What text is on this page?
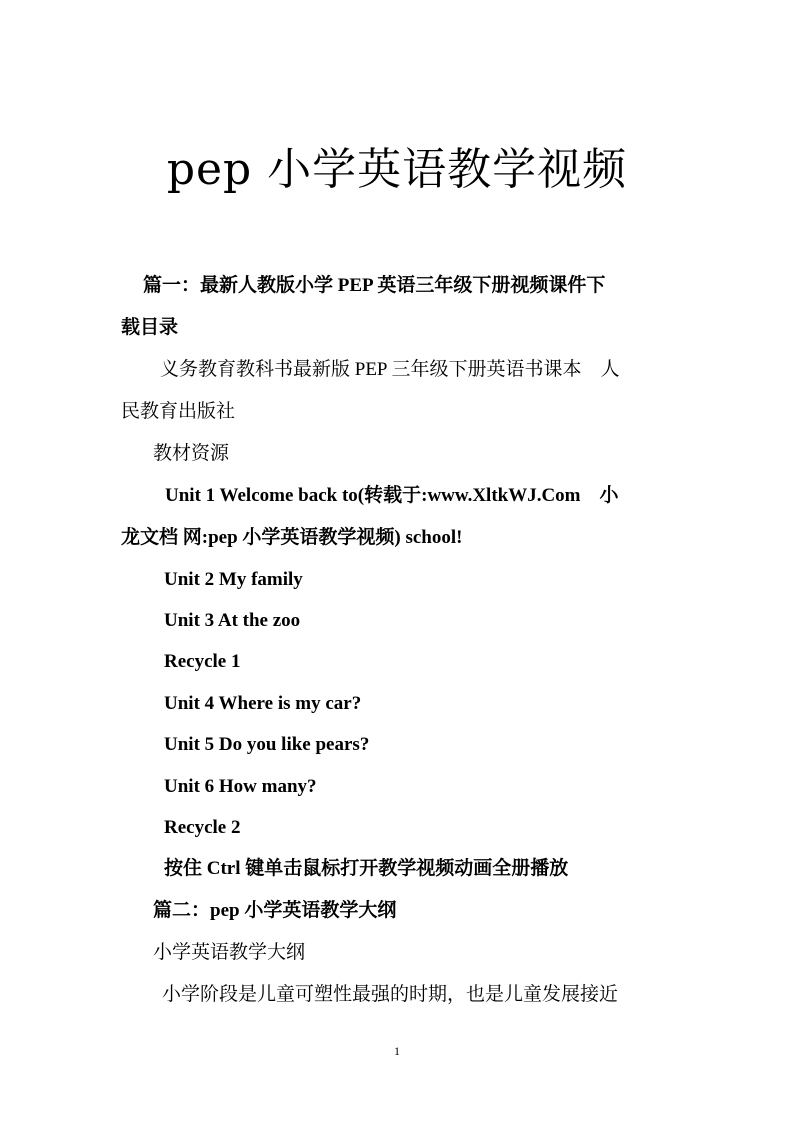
pep 小学英语教学视频
篇一：最新人教版小学 PEP 英语三年级下册视频课件下
载目录
义务教育教科书最新版 PEP 三年级下册英语书课本　人
民教育出版社
教材资源
Unit 1 Welcome back to(转载于:www.XltkWJ.Com　小
龙文档 网:pep 小学英语教学视频) school!
Unit 2 My family
Unit 3 At the zoo
Recycle 1
Unit 4 Where is my car?
Unit 5 Do you like pears?
Unit 6 How many?
Recycle 2
按住 Ctrl 键单击鼠标打开教学视频动画全册播放
篇二：pep 小学英语教学大纲
小学英语教学大纲
小学阶段是儿童可塑性最强的时期，也是儿童发展接近
1
